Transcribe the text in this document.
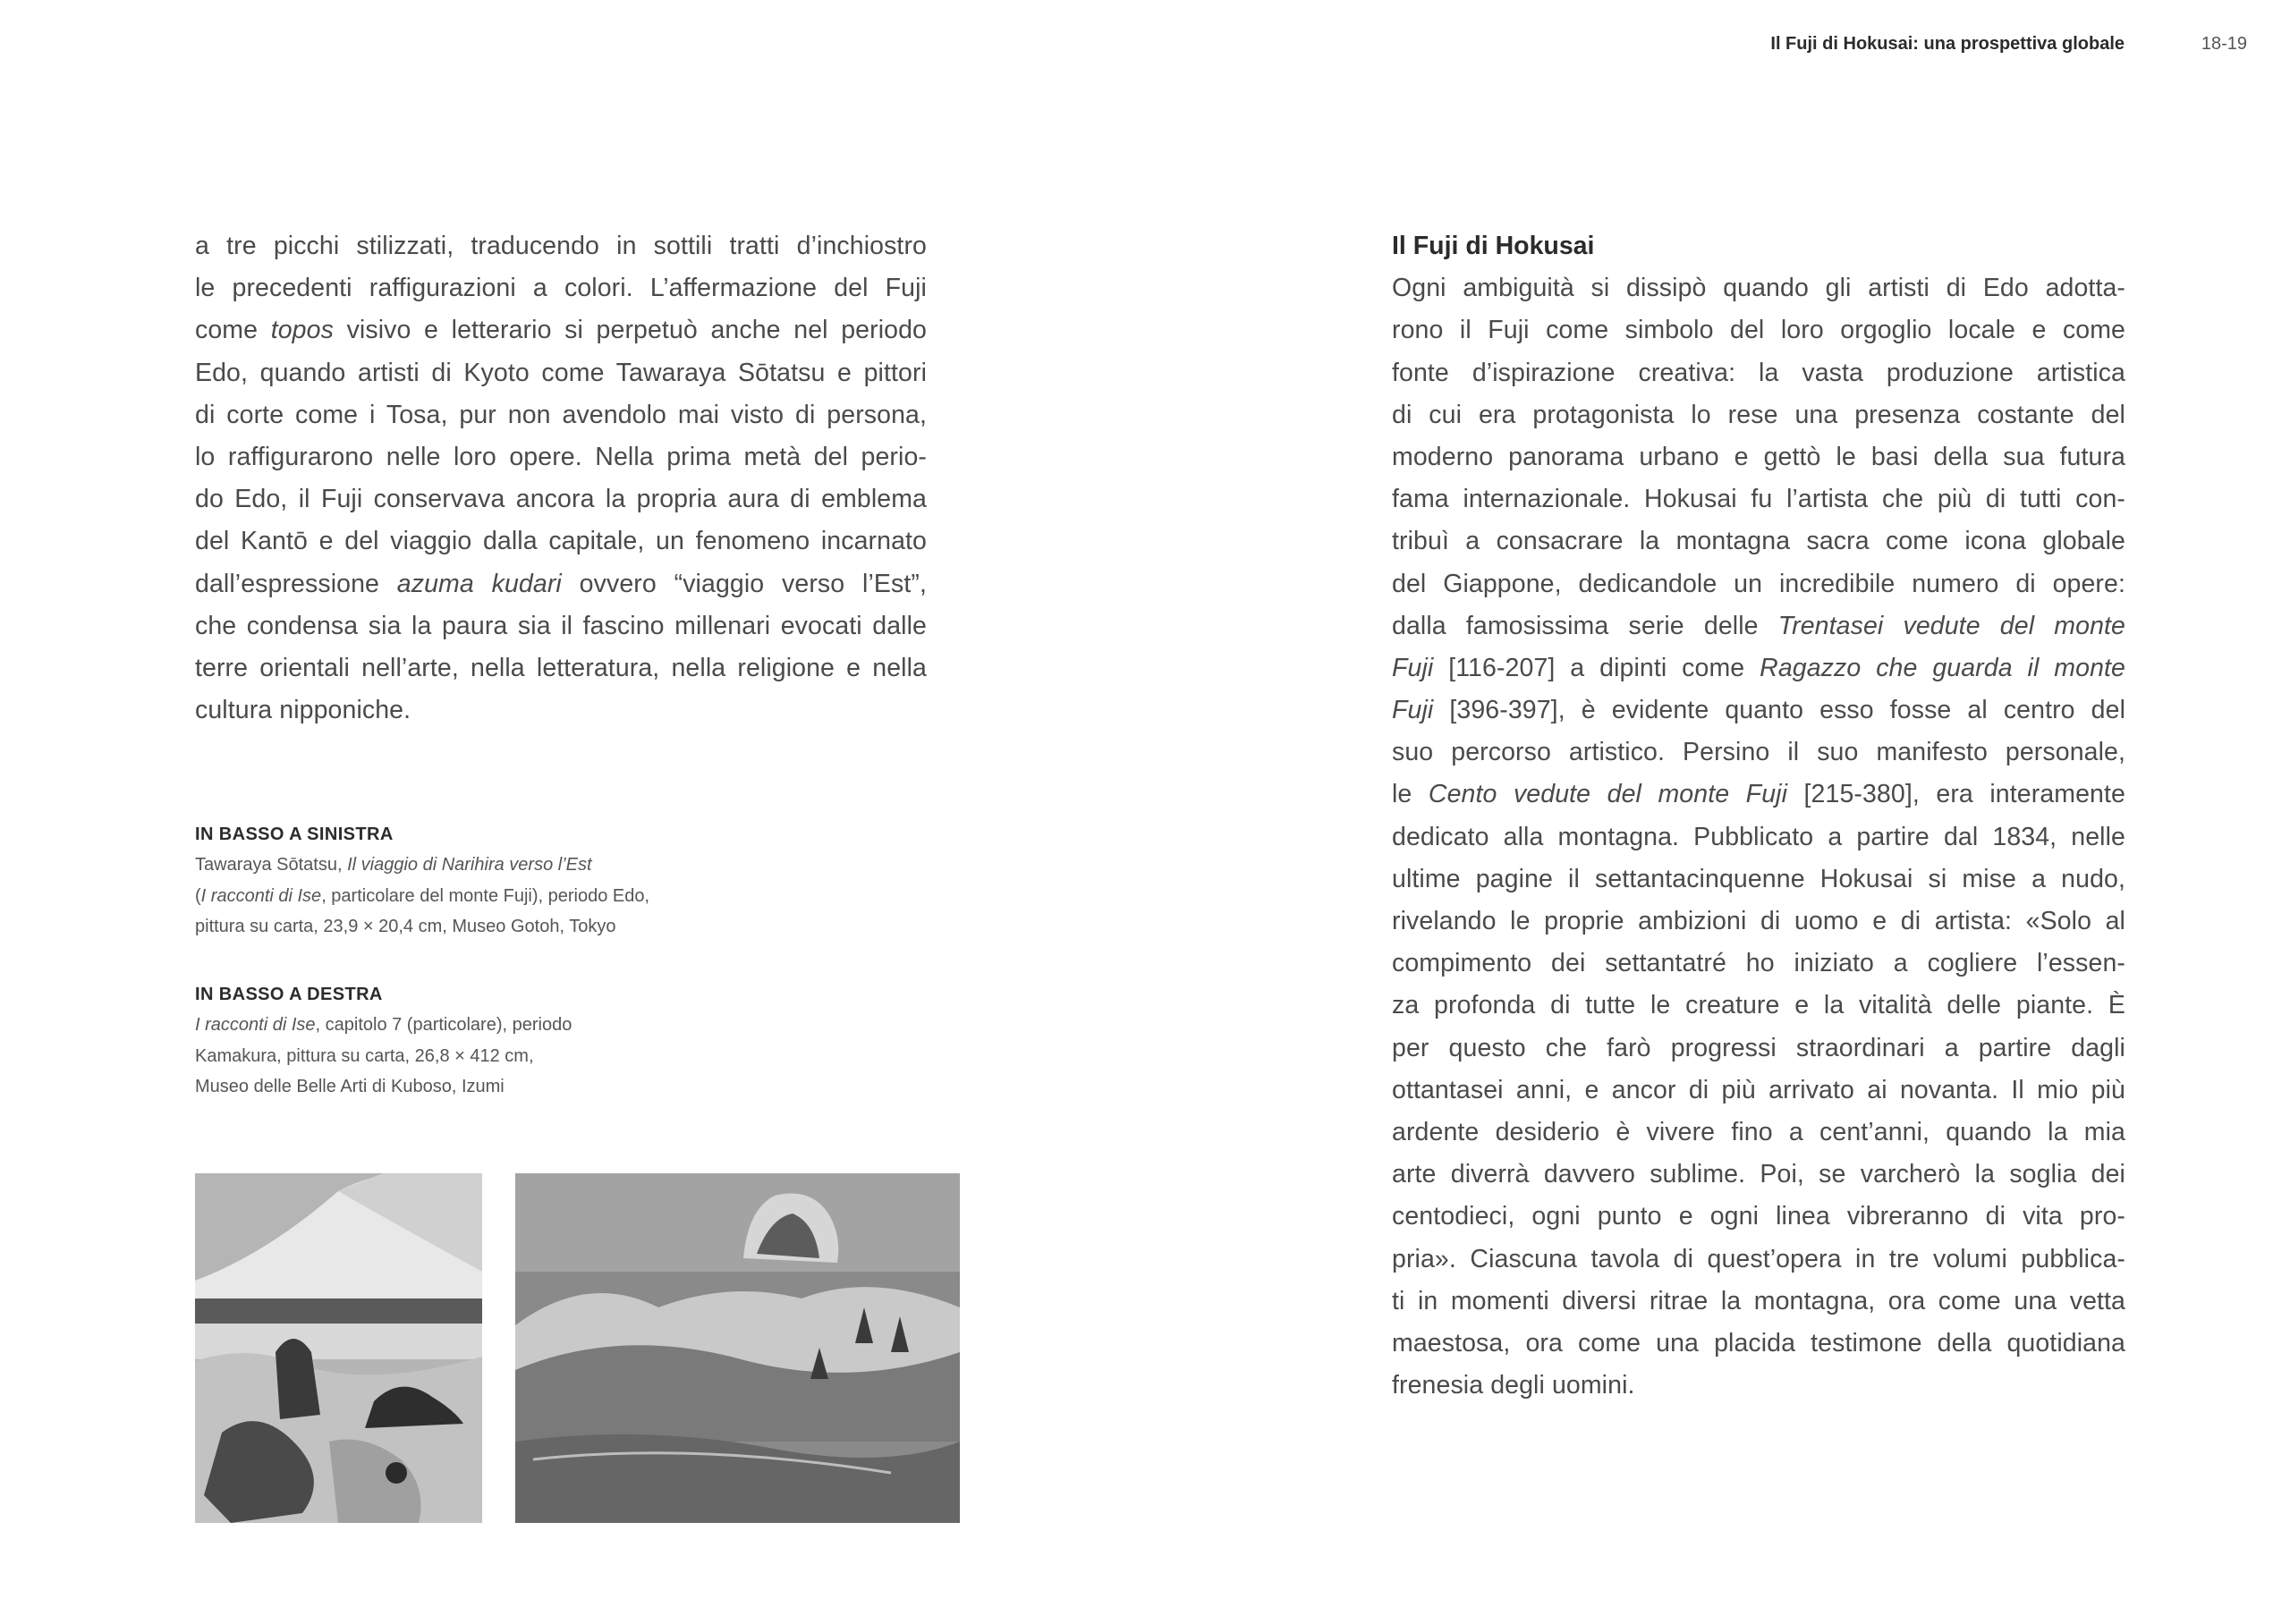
Il Fuji di Hokusai: una prospettiva globale	18-19
a tre picchi stilizzati, traducendo in sottili tratti d’inchiostro
le precedenti raffigurazioni a colori. L’affermazione del Fuji
come topos visivo e letterario si perpetuò anche nel periodo
Edo, quando artisti di Kyoto come Tawaraya Sōtatsu e pittori
di corte come i Tosa, pur non avendolo mai visto di persona,
lo raffigurarono nelle loro opere. Nella prima metà del perio-
do Edo, il Fuji conservava ancora la propria aura di emblema
del Kantō e del viaggio dalla capitale, un fenomeno incarnato
dall’espressione azuma kudari ovvero “viaggio verso l’Est”,
che condensa sia la paura sia il fascino millenari evocati dalle
terre orientali nell’arte, nella letteratura, nella religione e nella
cultura nipponiche.
IN BASSO A SINISTRA
Tawaraya Sōtatsu, Il viaggio di Narihira verso l’Est
(I racconti di Ise, particolare del monte Fuji), periodo Edo,
pittura su carta, 23,9 × 20,4 cm, Museo Gotoh, Tokyo
IN BASSO A DESTRA
I racconti di Ise, capitolo 7 (particolare), periodo
Kamakura, pittura su carta, 26,8 × 412 cm,
Museo delle Belle Arti di Kuboso, Izumi
Il Fuji di Hokusai
Ogni ambiguità si dissipò quando gli artisti di Edo adotta-
rono il Fuji come simbolo del loro orgoglio locale e come
fonte d’ispirazione creativa: la vasta produzione artistica
di cui era protagonista lo rese una presenza costante del
moderno panorama urbano e gettò le basi della sua futura
fama internazionale. Hokusai fu l’artista che più di tutti con-
tribuì a consacrare la montagna sacra come icona globale
del Giappone, dedicandole un incredibile numero di opere:
dalla famosissima serie delle Trentasei vedute del monte
Fuji [116-207] a dipinti come Ragazzo che guarda il monte
Fuji [396-397], è evidente quanto esso fosse al centro del
suo percorso artistico. Persino il suo manifesto personale,
le Cento vedute del monte Fuji [215-380], era interamente
dedicato alla montagna. Pubblicato a partire dal 1834, nelle
ultime pagine il settantacinquenne Hokusai si mise a nudo,
rivelando le proprie ambizioni di uomo e di artista: «Solo al
compimento dei settantatré ho iniziato a cogliere l’essen-
za profonda di tutte le creature e la vitalità delle piante. È
per questo che farò progressi straordinari a partire dagli
ottantasei anni, e ancor di più arrivato ai novanta. Il mio più
ardente desiderio è vivere fino a cent’anni, quando la mia
arte diverrà davvero sublime. Poi, se varcherò la soglia dei
centodieci, ogni punto e ogni linea vibreranno di vita pro-
pria». Ciascuna tavola di quest’opera in tre volumi pubblica-
ti in momenti diversi ritrae la montagna, ora come una vetta
maestosa, ora come una placida testimone della quotidiana
frenesia degli uomini.
